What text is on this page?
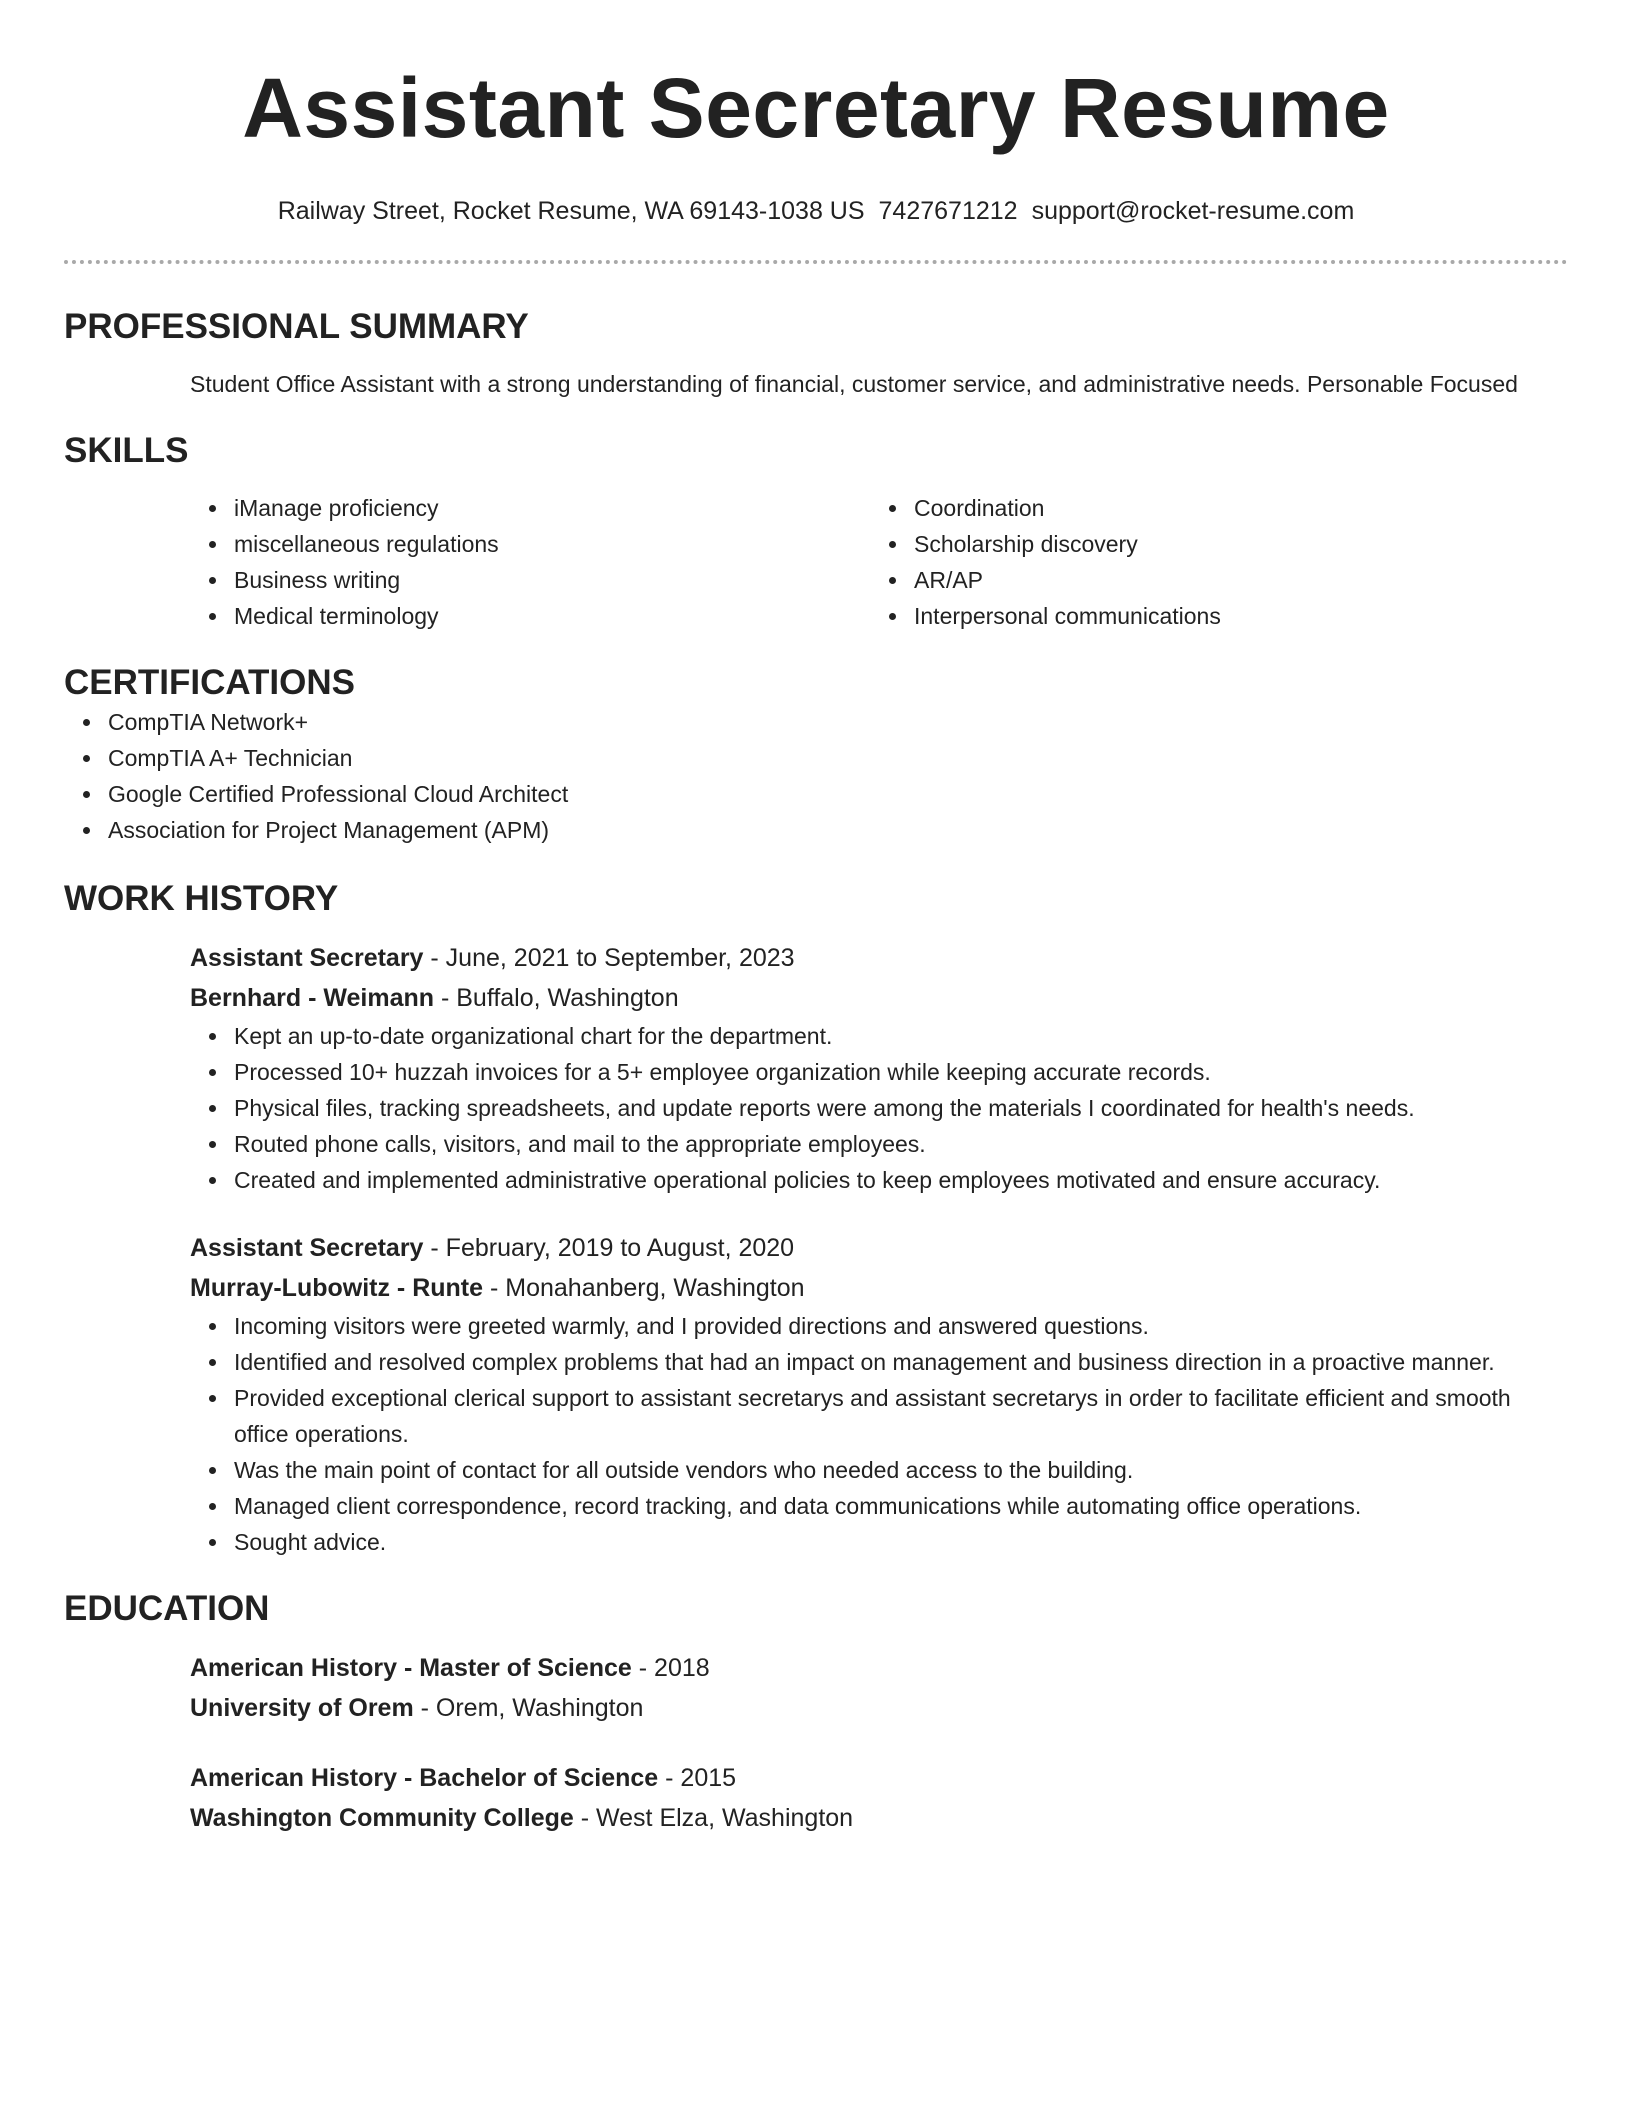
Assistant Secretary Resume
Railway Street, Rocket Resume, WA 69143-1038 US 7427671212 support@rocket-resume.com
PROFESSIONAL SUMMARY
Student Office Assistant with a strong understanding of financial, customer service, and administrative needs. Personable Focused
SKILLS
iManage proficiency
miscellaneous regulations
Business writing
Medical terminology
Coordination
Scholarship discovery
AR/AP
Interpersonal communications
CERTIFICATIONS
CompTIA Network+
CompTIA A+ Technician
Google Certified Professional Cloud Architect
Association for Project Management (APM)
WORK HISTORY
Assistant Secretary - June, 2021 to September, 2023
Bernhard - Weimann - Buffalo, Washington
Kept an up-to-date organizational chart for the department.
Processed 10+ huzzah invoices for a 5+ employee organization while keeping accurate records.
Physical files, tracking spreadsheets, and update reports were among the materials I coordinated for health's needs.
Routed phone calls, visitors, and mail to the appropriate employees.
Created and implemented administrative operational policies to keep employees motivated and ensure accuracy.
Assistant Secretary - February, 2019 to August, 2020
Murray-Lubowitz - Runte - Monahanberg, Washington
Incoming visitors were greeted warmly, and I provided directions and answered questions.
Identified and resolved complex problems that had an impact on management and business direction in a proactive manner.
Provided exceptional clerical support to assistant secretarys and assistant secretarys in order to facilitate efficient and smooth office operations.
Was the main point of contact for all outside vendors who needed access to the building.
Managed client correspondence, record tracking, and data communications while automating office operations.
Sought advice.
EDUCATION
American History - Master of Science - 2018
University of Orem - Orem, Washington
American History - Bachelor of Science - 2015
Washington Community College - West Elza, Washington
